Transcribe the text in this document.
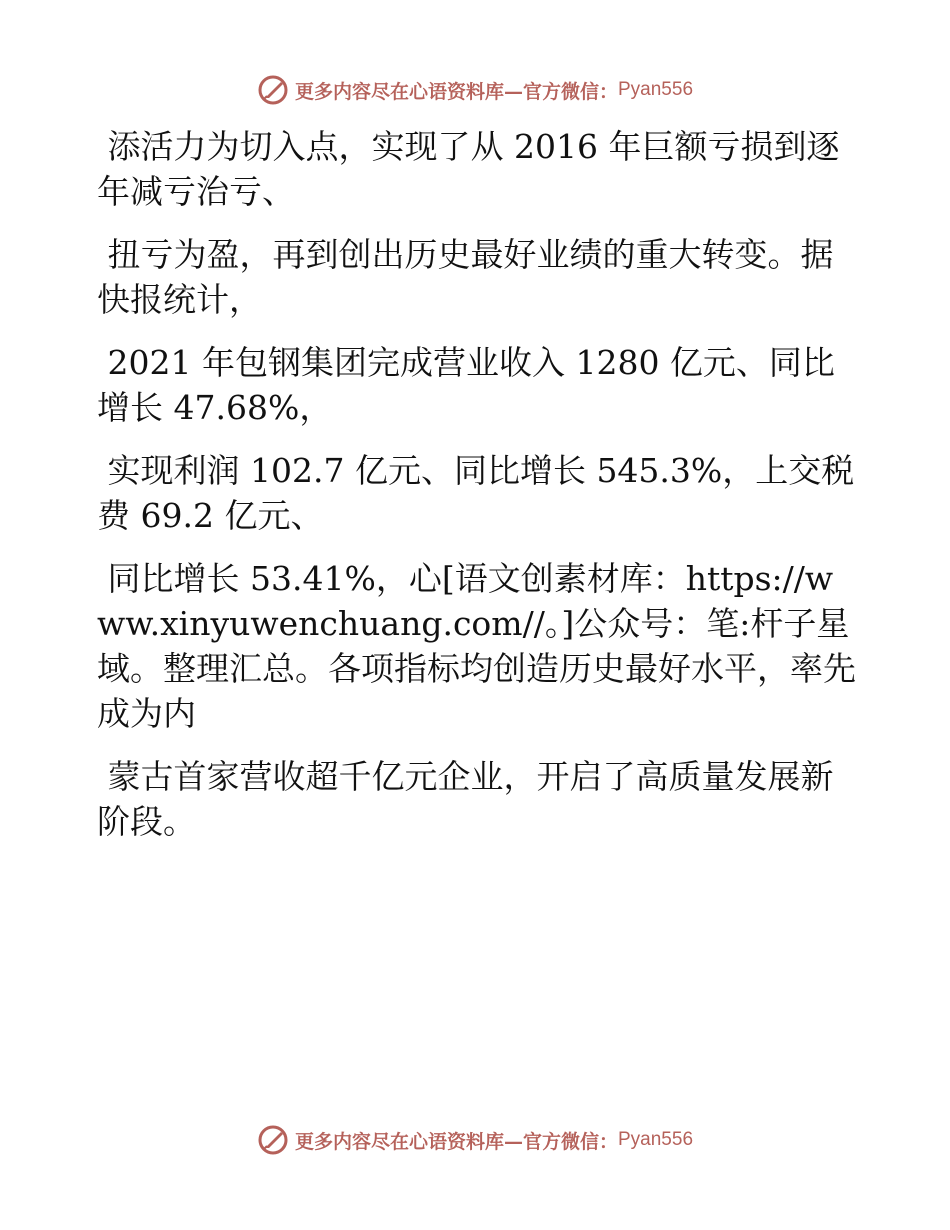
更多内容尽在心语资料库—官方微信： Pyan556

添活力为切入点，实现了从 2016 年巨额亏损到逐年减亏治亏、

扭亏为盈，再到创出历史最好业绩的重大转变。据快报统计，

2021 年包钢集团完成营业收入 1280 亿元、同比增长 47.68%，

实现利润 102.7 亿元、同比增长 545.3%，上交税费 69.2 亿元、

同比增长 53.41%，心[语文创素材库：https://www.xinyuwenchuang.com//。]公众号：笔:杆子星域。整理汇总。各项指标均创造历史最好水平，率先成为内

蒙古首家营收超千亿元企业，开启了高质量发展新阶段。

更多内容尽在心语资料库—官方微信： Pyan556
